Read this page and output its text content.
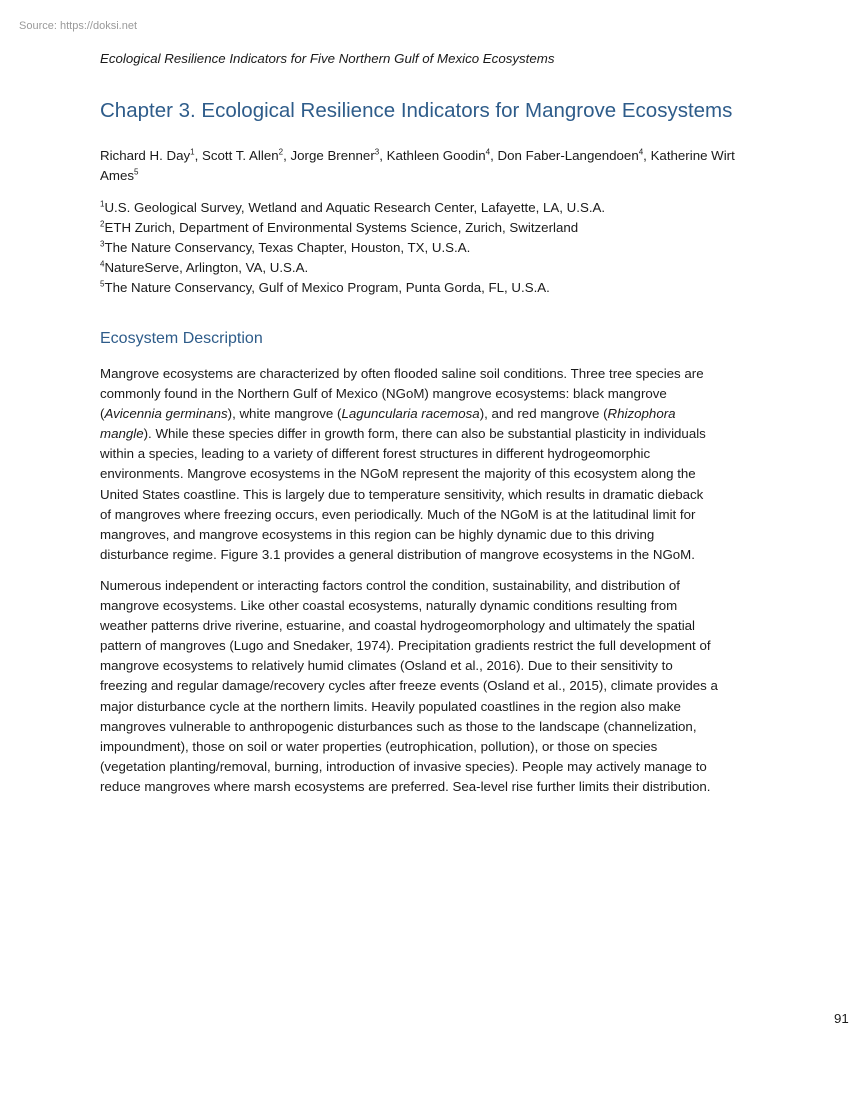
Source: https://doksi.net
Ecological Resilience Indicators for Five Northern Gulf of Mexico Ecosystems
Chapter 3. Ecological Resilience Indicators for Mangrove Ecosystems
Richard H. Day$^1$, Scott T. Allen$^2$, Jorge Brenner$^3$, Kathleen Goodin$^4$, Don Faber-Langendoen$^4$, Katherine Wirt Ames$^5$
$^1$U.S. Geological Survey, Wetland and Aquatic Research Center, Lafayette, LA, U.S.A.
$^2$ETH Zurich, Department of Environmental Systems Science, Zurich, Switzerland
$^3$The Nature Conservancy, Texas Chapter, Houston, TX, U.S.A.
$^4$NatureServe, Arlington, VA, U.S.A.
$^5$The Nature Conservancy, Gulf of Mexico Program, Punta Gorda, FL, U.S.A.
Ecosystem Description

Mangrove ecosystems are characterized by often flooded saline soil conditions. Three tree species are
commonly found in the Northern Gulf of Mexico (NGoM) mangrove ecosystems: black mangrove
(Avicennia germinans), white mangrove (Laguncularia racemosa), and red mangrove (Rhizophora
mangle). While these species differ in growth form, there can also be substantial plasticity in individuals
within a species, leading to a variety of different forest structures in different hydrogeomorphic
environments. Mangrove ecosystems in the NGoM represent the majority of this ecosystem along the
United States coastline. This is largely due to temperature sensitivity, which results in dramatic dieback
of mangroves where freezing occurs, even periodically. Much of the NGoM is at the latitudinal limit for
mangroves, and mangrove ecosystems in this region can be highly dynamic due to this driving
disturbance regime. Figure 3.1 provides a general distribution of mangrove ecosystems in the NGoM.

Numerous independent or interacting factors control the condition, sustainability, and distribution of
mangrove ecosystems. Like other coastal ecosystems, naturally dynamic conditions resulting from
weather patterns drive riverine, estuarine, and coastal hydrogeomorphology and ultimately the spatial
pattern of mangroves (Lugo and Snedaker, 1974). Precipitation gradients restrict the full development of
mangrove ecosystems to relatively humid climates (Osland et al., 2016). Due to their sensitivity to
freezing and regular damage/recovery cycles after freeze events (Osland et al., 2015), climate provides a
major disturbance cycle at the northern limits. Heavily populated coastlines in the region also make
mangroves vulnerable to anthropogenic disturbances such as those to the landscape (channelization,
impoundment), those on soil or water properties (eutrophication, pollution), or those on species
(vegetation planting/removal, burning, introduction of invasive species). People may actively manage to
reduce mangroves where marsh ecosystems are preferred. Sea-level rise further limits their distribution.

91
